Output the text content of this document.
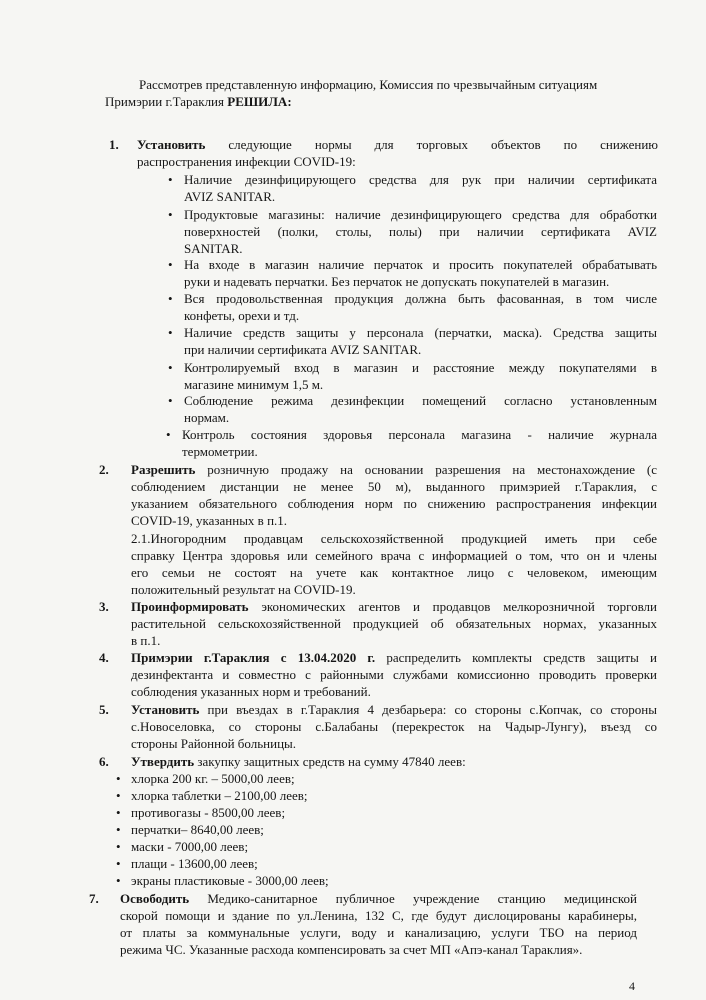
Рассмотрев представленную информацию, Комиссия по чрезвычайным ситуациям
Примэрии г.Тараклия РЕШИЛА:
1. Установить следующие нормы для торговых объектов по снижению
распространения инфекции COVID-19:
• Наличие дезинфицирующего средства для рук при наличии сертификата
AVIZ SANITAR.
• Продуктовые магазины: наличие дезинфицирующего средства для обработки
поверхностей (полки, столы, полы) при наличии сертификата AVIZ
SANITAR.
• На входе в магазин наличие перчаток и просить покупателей обрабатывать
руки и надевать перчатки. Без перчаток не допускать покупателей в магазин.
• Вся продовольственная продукция должна быть фасованная, в том числе
конфеты, орехи и тд.
• Наличие средств защиты у персонала (перчатки, маска). Средства защиты
при наличии сертификата AVIZ SANITAR.
• Контролируемый вход в магазин и расстояние между покупателями в
магазине минимум 1,5 м.
• Соблюдение режима дезинфекции помещений согласно установленным
нормам.
• Контроль состояния здоровья персонала магазина - наличие журнала
термометрии.
2. Разрешить розничную продажу на основании разрешения на местонахождение (с
соблюдением дистанции не менее 50 м), выданного примэрией г.Тараклия, с
указанием обязательного соблюдения норм по снижению распространения инфекции
COVID-19, указанных в п.1.
2.1.Иногородним продавцам сельскохозяйственной продукцией иметь при себе
справку Центра здоровья или семейного врача с информацией о том, что он и члены
его семьи не состоят на учете как контактное лицо с человеком, имеющим
положительный результат на COVID-19.
3. Проинформировать экономических агентов и продавцов мелкорозничной торговли
растительной сельскохозяйственной продукцией об обязательных нормах, указанных
в п.1.
4. Примэрии г.Тараклия с 13.04.2020 г. распределить комплекты средств защиты и
дезинфектанта и совместно с районными службами комиссионно проводить проверки
соблюдения указанных норм и требований.
5. Установить при въездах в г.Тараклия 4 дезбарьера: со стороны с.Копчак, со стороны
с.Новоселовка, со стороны с.Балабаны (перекресток на Чадыр-Лунгу), въезд со
стороны Районной больницы.
6. Утвердить закупку защитных средств на сумму 47840 леев:
• хлорка 200 кг. – 5000,00 леев;
• хлорка таблетки – 2100,00 леев;
• противогазы - 8500,00 леев;
• перчатки– 8640,00 леев;
• маски - 7000,00 леев;
• плащи - 13600,00 леев;
• экраны пластиковые - 3000,00 леев;
7. Освободить Медико-санитарное публичное учреждение станцию медицинской
скорой помощи и здание по ул.Ленина, 132 С, где будут дислоцированы карабинеры,
от платы за коммунальные услуги, воду и канализацию, услуги ТБО на период
режима ЧС. Указанные расхода компенсировать за счет МП «Апэ-канал Тараклия».
4
